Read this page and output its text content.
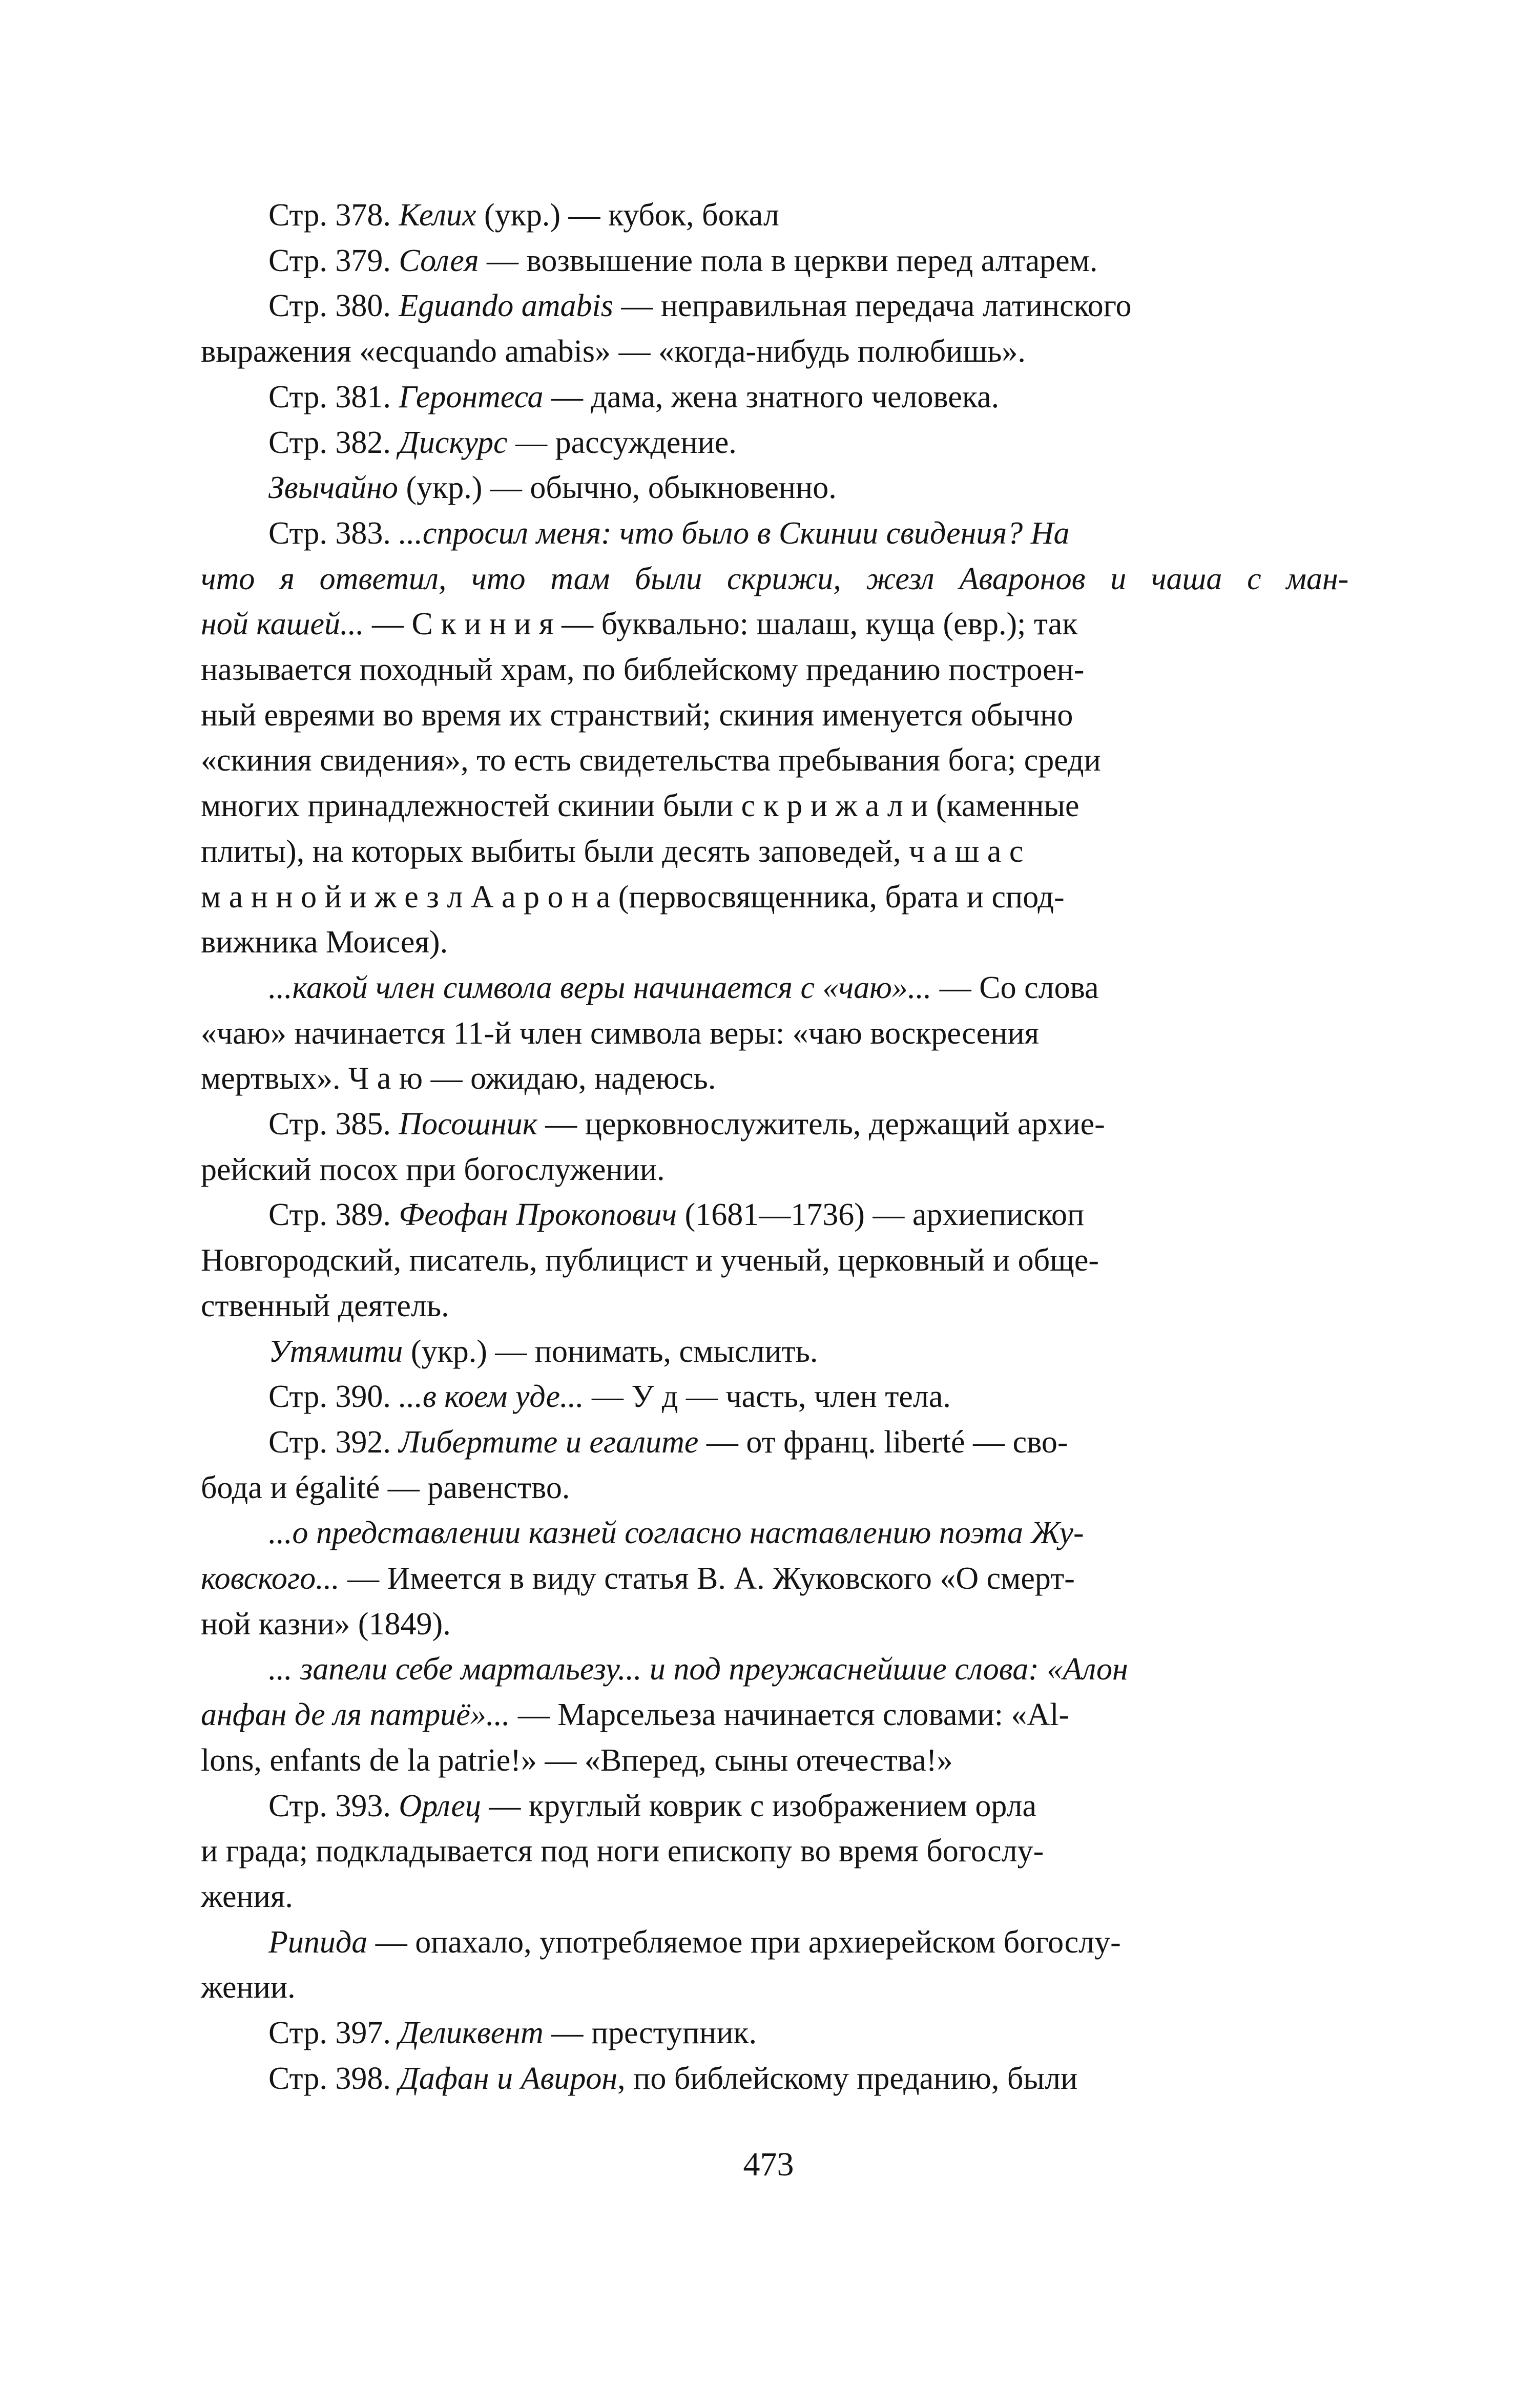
Стр. 378. Келих (укр.) — кубок, бокал
Стр. 379. Солея — возвышение пола в церкви перед алтарем.
Стр. 380. Eguando amabis — неправильная передача латинского
выражения «ecquando amabis» — «когда-нибудь полюбишь».
Стр. 381. Геронтеса — дама, жена знатного человека.
Стр. 382. Дискурс — рассуждение.
Звычайно (укр.) — обычно, обыкновенно.
Стр. 383. ...спросил меня: что было в Скинии свидения? На
что я ответил, что там были скрижи, жезл Аваронов и чаша с ман-
ной кашей... — С к и н и я — буквально: шалаш, куща (евр.); так
называется походный храм, по библейскому преданию построен-
ный евреями во время их странствий; скиния именуется обычно
«скиния свидения», то есть свидетельства пребывания бога; среди
многих принадлежностей скинии были с к р и ж а л и (каменные
плиты), на которых выбиты были десять заповедей, ч а ш а с
м а н н о й и ж е з л А а р о н а (первосвященника, брата и спод-
вижника Моисея).
...какой член символа веры начинается с «чаю»... — Со слова
«чаю» начинается 11-й член символа веры: «чаю воскресения
мертвых». Ч а ю — ожидаю, надеюсь.
Стр. 385. Посошник — церковнослужитель, держащий архие-
рейский посох при богослужении.
Стр. 389. Феофан Прокопович (1681—1736) — архиепископ
Новгородский, писатель, публицист и ученый, церковный и обще-
ственный деятель.
Утямити (укр.) — понимать, смыслить.
Стр. 390. ...в коем уде... — У д — часть, член тела.
Стр. 392. Либертите и егалите — от франц. liberté — сво-
бода и égalité — равенство.
...о представлении казней согласно наставлению поэта Жу-
ковского... — Имеется в виду статья В. А. Жуковского «О смерт-
ной казни» (1849).
... запели себе мартальезу... и под преужаснейшие слова: «Алон
анфан де ля патриё»... — Марсельеза начинается словами: «Al-
lons, enfants de la patrie!» — «Вперед, сыны отечества!»
Стр. 393. Орлец — круглый коврик с изображением орла
и града; подкладывается под ноги епископу во время богослу-
жения.
Рипида — опахало, употребляемое при архиерейском богослу-
жении.
Стр. 397. Деликвент — преступник.
Стр. 398. Дафан и Авирон, по библейскому преданию, были
473
